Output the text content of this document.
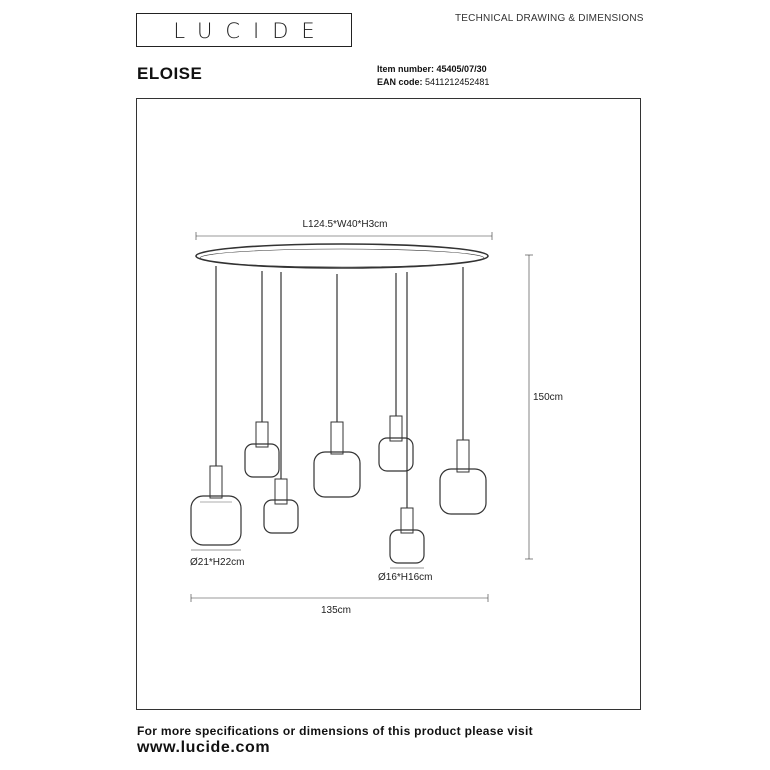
LUCIDE
TECHNICAL DRAWING & DIMENSIONS
ELOISE	Item number: 45405/07/30
EAN code: 5411212452481
L124.5*W40*H3cm
150cm
Ø21*H22cm
Ø16*H16cm
135cm
For more specifications or dimensions of this product please visit
www.lucide.com
